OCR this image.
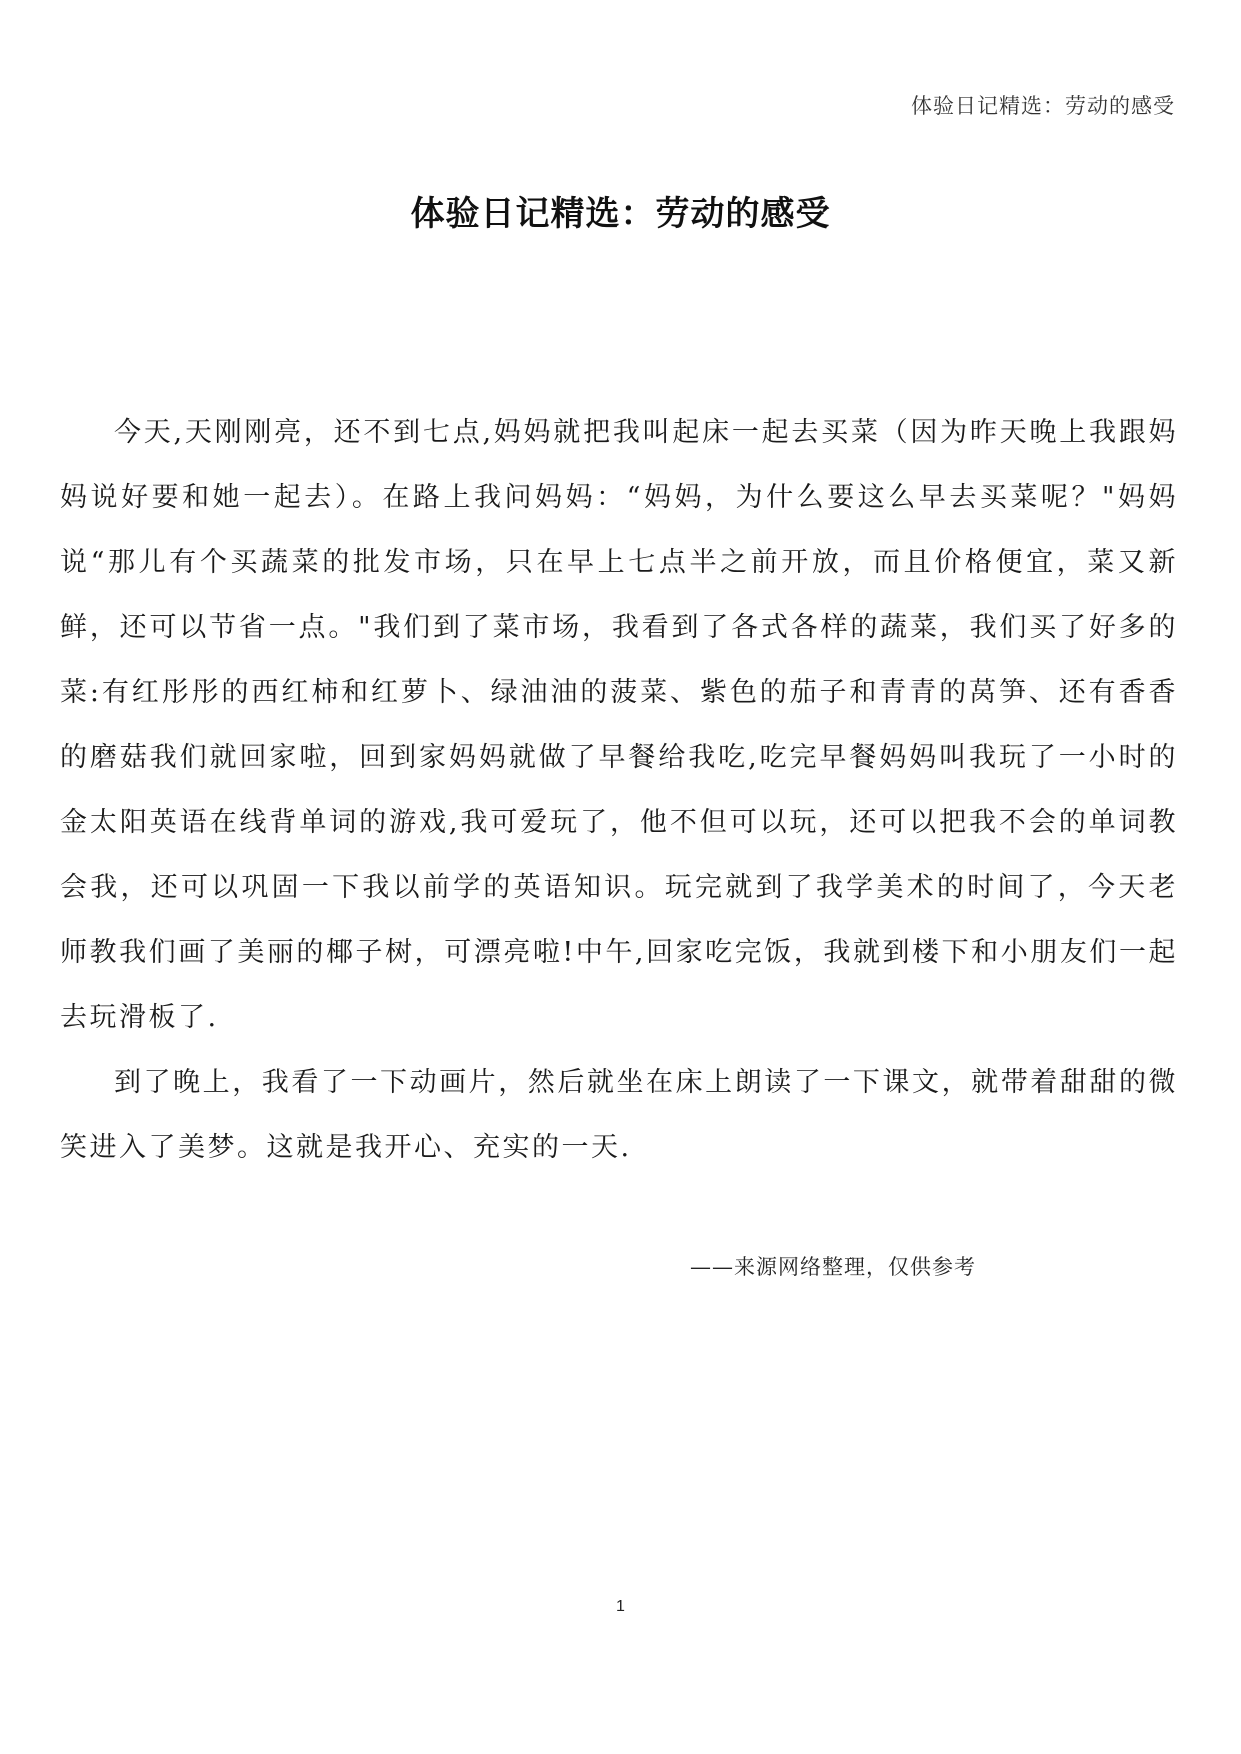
体验日记精选：劳动的感受
体验日记精选：劳动的感受

今天,天刚刚亮，还不到七点,妈妈就把我叫起床一起去买菜（因为昨天晚上我跟妈妈说好要和她一起去）。在路上我问妈妈：“妈妈，为什么要这么早去买菜呢？"妈妈说“那儿有个买蔬菜的批发市场，只在早上七点半之前开放，而且价格便宜，菜又新鲜，还可以节省一点。"我们到了菜市场，我看到了各式各样的蔬菜，我们买了好多的菜:有红彤彤的西红柿和红萝卜、绿油油的菠菜、紫色的茄子和青青的莴笋、还有香香的磨菇我们就回家啦，回到家妈妈就做了早餐给我吃,吃完早餐妈妈叫我玩了一小时的金太阳英语在线背单词的游戏,我可爱玩了，他不但可以玩，还可以把我不会的单词教会我，还可以巩固一下我以前学的英语知识。玩完就到了我学美术的时间了，今天老师教我们画了美丽的椰子树，可漂亮啦!中午,回家吃完饭，我就到楼下和小朋友们一起去玩滑板了.

到了晚上，我看了一下动画片，然后就坐在床上朗读了一下课文，就带着甜甜的微笑进入了美梦。这就是我开心、充实的一天.

——来源网络整理，仅供参考
1
